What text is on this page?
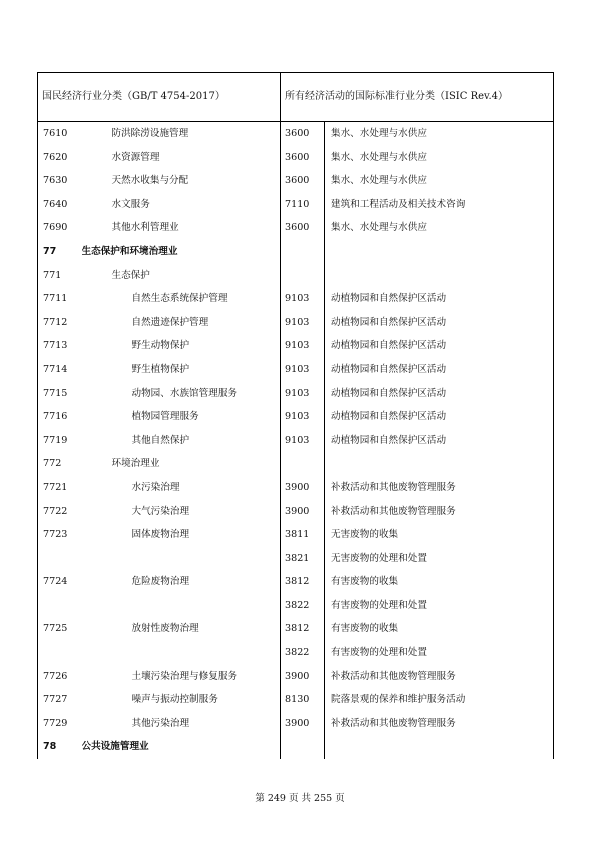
国民经济行业分类（GB/T 4754-2017）		所有经济活动的国际标准行业分类（ISIC Rev.4）	
7610	防洪除涝设施管理	3600	集水、水处理与水供应
7620	水资源管理	3600	集水、水处理与水供应
7630	天然水收集与分配	3600	集水、水处理与水供应
7640	水文服务	7110	建筑和工程活动及相关技术咨询
7690	其他水利管理业	3600	集水、水处理与水供应
77	生态保护和环境治理业		
771	生态保护		
7711	自然生态系统保护管理	9103	动植物园和自然保护区活动
7712	自然遗迹保护管理	9103	动植物园和自然保护区活动
7713	野生动物保护	9103	动植物园和自然保护区活动
7714	野生植物保护	9103	动植物园和自然保护区活动
7715	动物园、水族馆管理服务	9103	动植物园和自然保护区活动
7716	植物园管理服务	9103	动植物园和自然保护区活动
7719	其他自然保护	9103	动植物园和自然保护区活动
772	环境治理业		
7721	水污染治理	3900	补救活动和其他废物管理服务
7722	大气污染治理	3900	补救活动和其他废物管理服务
7723	固体废物治理	3811	无害废物的收集
		3821	无害废物的处理和处置
7724	危险废物治理	3812	有害废物的收集
		3822	有害废物的处理和处置
7725	放射性废物治理	3812	有害废物的收集
		3822	有害废物的处理和处置
7726	土壤污染治理与修复服务	3900	补救活动和其他废物管理服务
7727	噪声与振动控制服务	8130	院落景观的保养和维护服务活动
7729	其他污染治理	3900	补救活动和其他废物管理服务
78	公共设施管理业		
第 249 页 共 255 页
